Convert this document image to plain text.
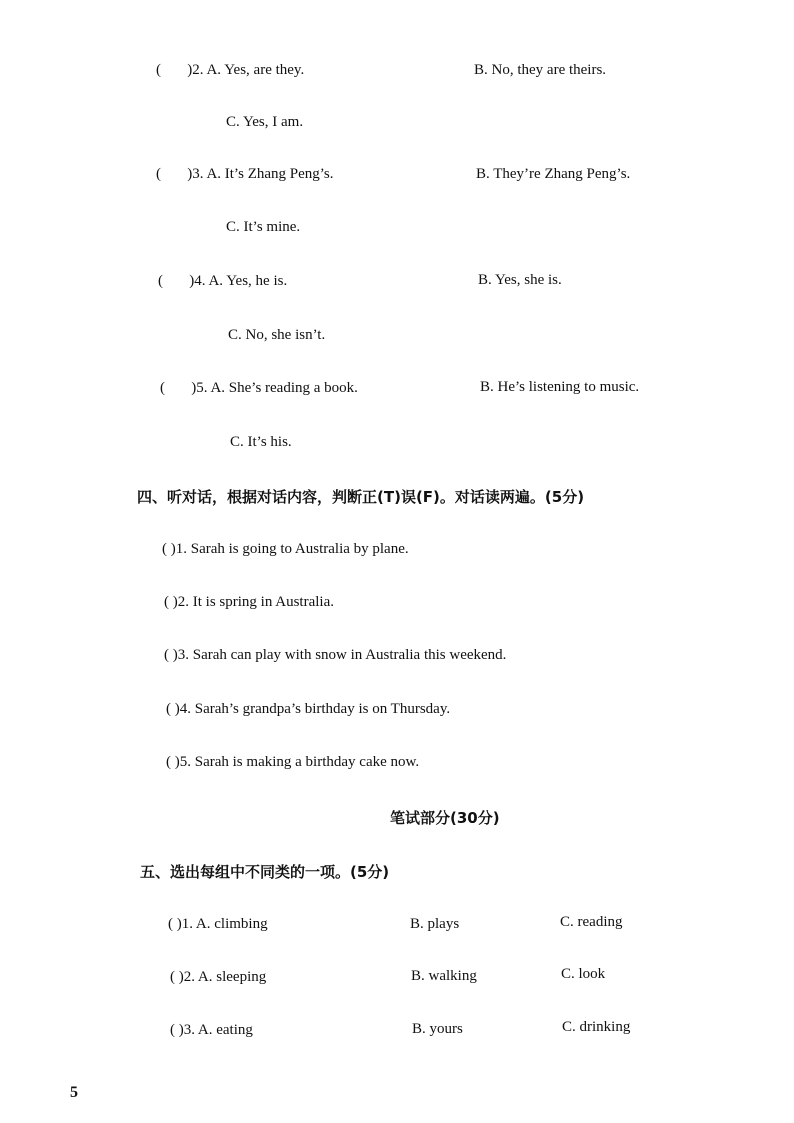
(       )2. A. Yes, are they.	B. No, they are theirs.
C. Yes, I am.
(       )3. A. It’s Zhang Peng’s.	B. They’re Zhang Peng’s.
C. It’s mine.
(       )4. A. Yes, he is.	B. Yes, she is.
C. No, she isn’t.
(       )5. A. She’s reading a book.	B. He’s listening to music.
C. It’s his.
四、听对话，根据对话内容，判断正(T)误(F)。对话读两遍。(5分)
( )1. Sarah is going to Australia by plane.
( )2. It is spring in Australia.
( )3. Sarah can play with snow in Australia this weekend.
( )4. Sarah’s grandpa’s birthday is on Thursday.
( )5. Sarah is making a birthday cake now.
笔试部分(30分)
五、选出每组中不同类的一项。(5分)
( )1. A. climbing	B. plays	C. reading
( )2. A. sleeping	B. walking	C. look
( )3. A. eating	B. yours	C. drinking
5
